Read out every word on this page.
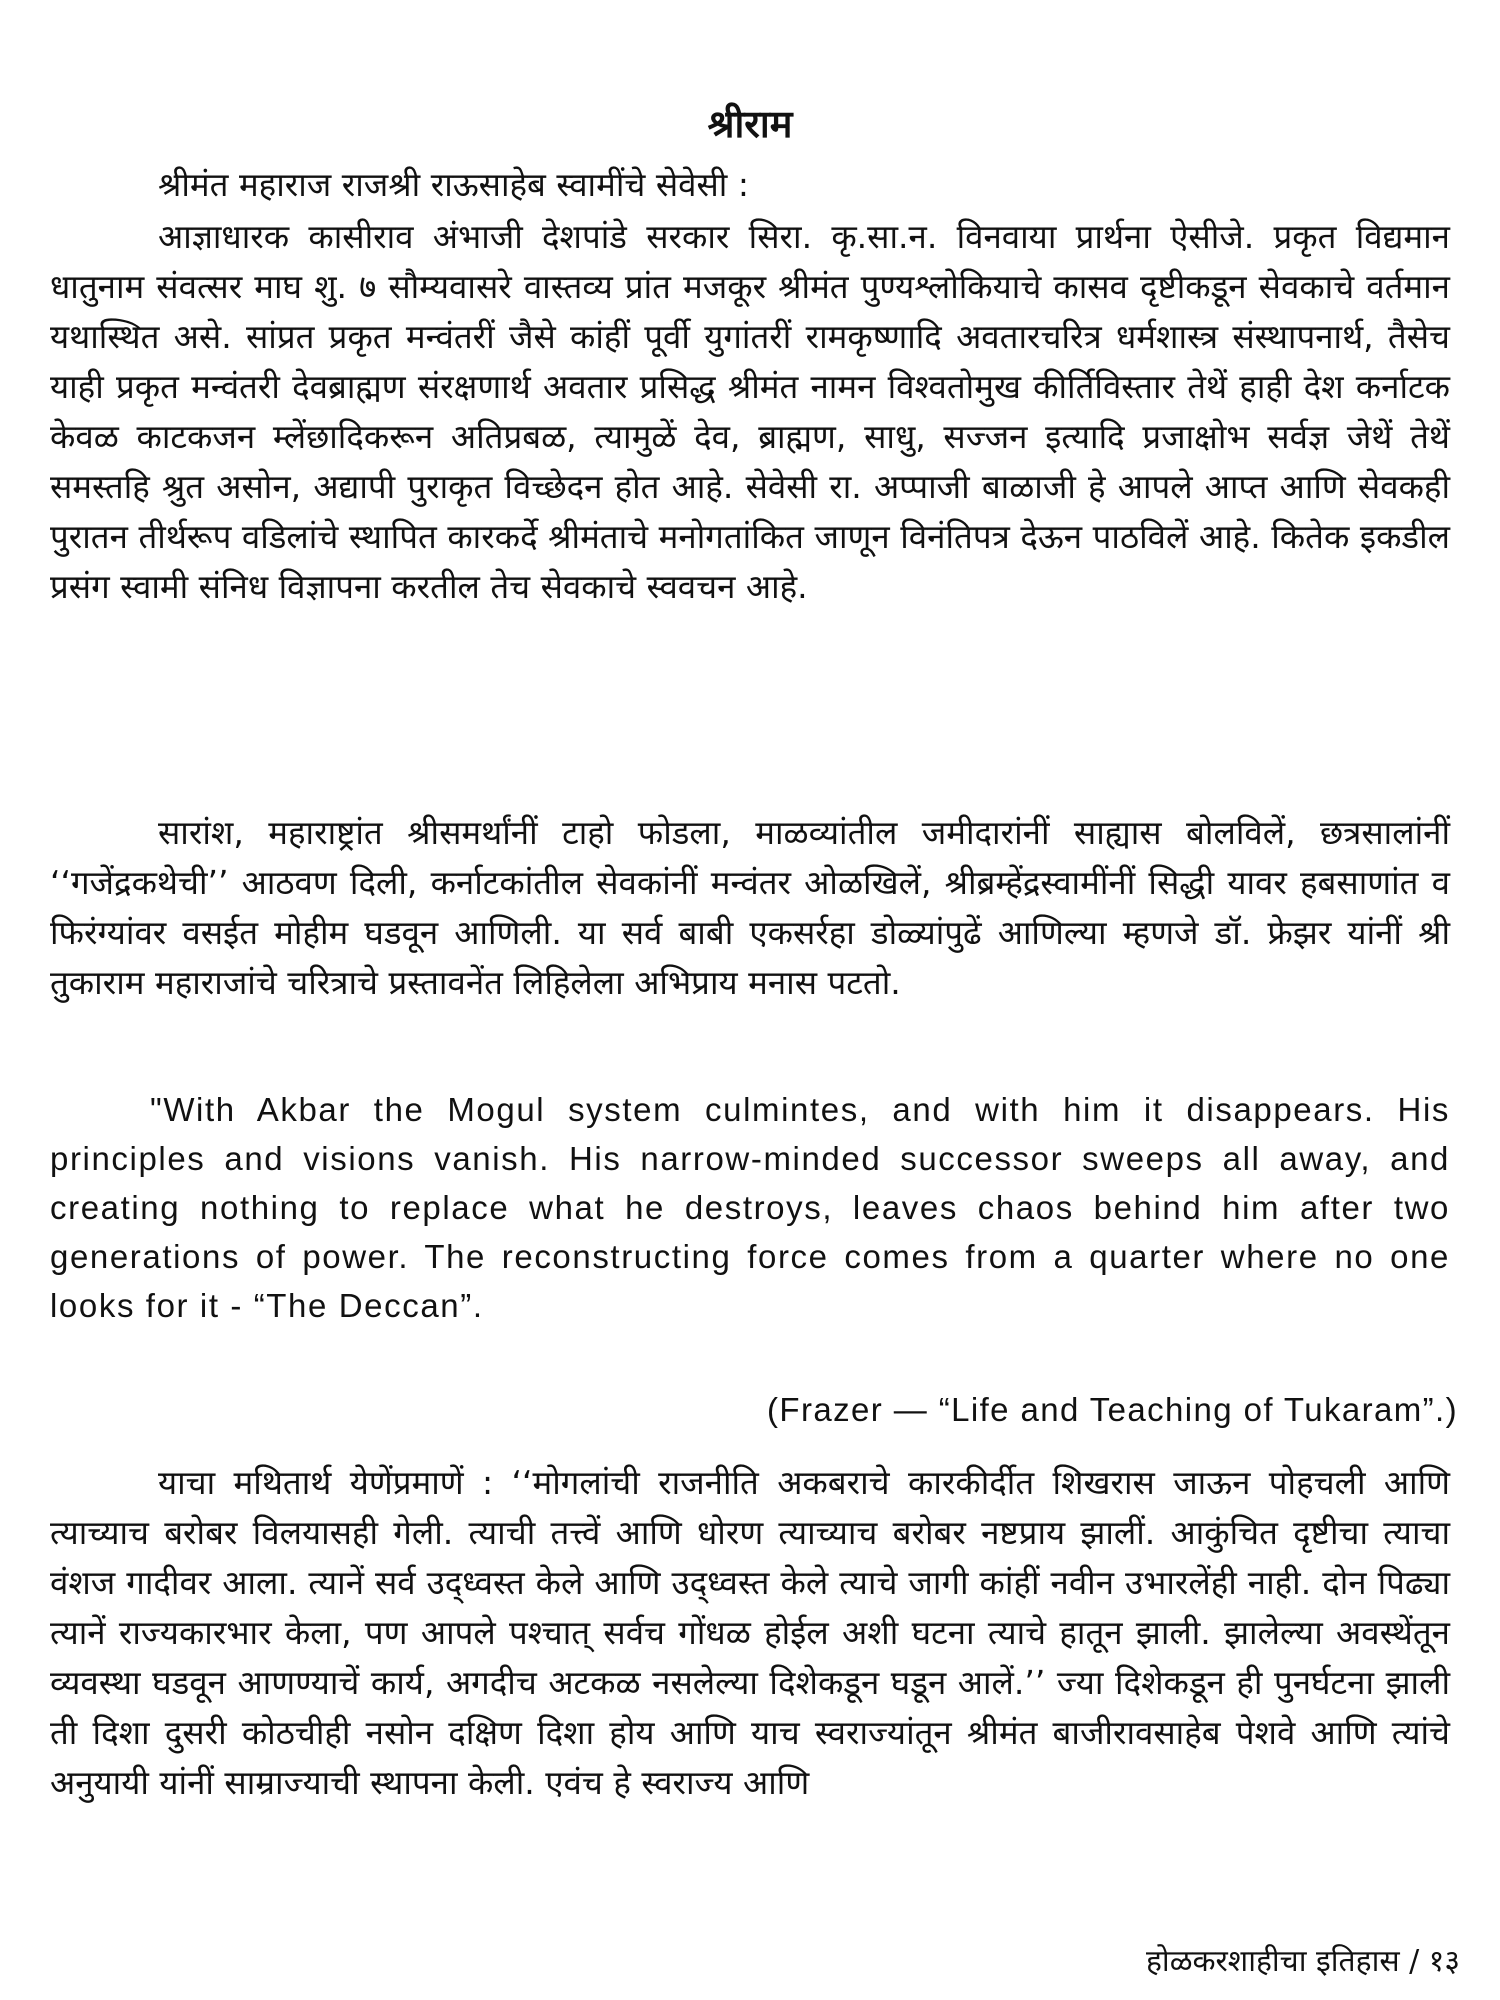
श्रीराम

श्रीमंत महाराज राजश्री राऊसाहेब स्वामींचे सेवेसी :

आज्ञाधारक कासीराव अंभाजी देशपांडे सरकार सिरा. कृ.सा.न. विनवाया प्रार्थना ऐसीजे. प्रकृत विद्यमान धातुनाम संवत्सर माघ शु. ७ सौम्यवासरे वास्तव्य प्रांत मजकूर श्रीमंत पुण्यश्लोकियाचे कासव दृष्टीकडून सेवकाचे वर्तमान यथास्थित असे. सांप्रत प्रकृत मन्वंतरीं जैसे कांहीं पूर्वी युगांतरीं रामकृष्णादि अवतारचरित्र धर्मशास्त्र संस्थापनार्थ, तैसेच याही प्रकृत मन्वंतरी देवब्राह्मण संरक्षणार्थ अवतार प्रसिद्ध श्रीमंत नामन विश्वतोमुख कीर्तिविस्तार तेथें हाही देश कर्नाटक केवळ काटकजन म्लेंछादिकरून अतिप्रबळ, त्यामुळें देव, ब्राह्मण, साधु, सज्जन इत्यादि प्रजाक्षोभ सर्वज्ञ जेथें तेथें समस्तहि श्रुत असोन, अद्यापी पुराकृत विच्छेदन होत आहे. सेवेसी रा. अप्पाजी बाळाजी हे आपले आप्त आणि सेवकही पुरातन तीर्थरूप वडिलांचे स्थापित कारकर्दे श्रीमंताचे मनोगतांकित जाणून विनंतिपत्र देऊन पाठविलें आहे. कितेक इकडील प्रसंग स्वामी संनिध विज्ञापना करतील तेच सेवकाचे स्ववचन आहे.

सारांश, महाराष्ट्रांत श्रीसमर्थांनीं टाहो फोडला, माळव्यांतील जमीदारांनीं साह्यास बोलविलें, छत्रसालांनीं ‘‘गजेंद्रकथेची’’ आठवण दिली, कर्नाटकांतील सेवकांनीं मन्वंतर ओळखिलें, श्रीब्रम्हेंद्रस्वामींनीं सिद्धी यावर हबसाणांत व फिरंग्यांवर वसईत मोहीम घडवून आणिली. या सर्व बाबी एकसर्रहा डोळ्यांपुढें आणिल्या म्हणजे डॉ. फ्रेझर यांनीं श्री तुकाराम महाराजांचे चरित्राचे प्रस्तावनेंत लिहिलेला अभिप्राय मनास पटतो.

"With Akbar the Mogul system culmintes, and with him it disappears. His principles and visions vanish. His narrow-minded successor sweeps all away, and creating nothing to replace what he destroys, leaves chaos behind him after two generations of power. The reconstructing force comes from a quarter where no one looks for it - “The Deccan”.

(Frazer — “Life and Teaching of Tukaram”.)

याचा मथितार्थ येणेंप्रमाणें : ‘‘मोगलांची राजनीति अकबराचे कारकीर्दीत शिखरास जाऊन पोहचली आणि त्याच्याच बरोबर विलयासही गेली. त्याची तत्त्वें आणि धोरण त्याच्याच बरोबर नष्टप्राय झालीं. आकुंचित दृष्टीचा त्याचा वंशज गादीवर आला. त्यानें सर्व उद्ध्वस्त केले आणि उद्ध्वस्त केले त्याचे जागी कांहीं नवीन उभारलेंही नाही. दोन पिढ्या त्यानें राज्यकारभार केला, पण आपले पश्चात् सर्वच गोंधळ होईल अशी घटना त्याचे हातून झाली. झालेल्या अवस्थेंतून व्यवस्था घडवून आणण्याचें कार्य, अगदीच अटकळ नसलेल्या दिशेकडून घडून आलें.’’ ज्या दिशेकडून ही पुनर्घटना झाली ती दिशा दुसरी कोठचीही नसोन दक्षिण दिशा होय आणि याच स्वराज्यांतून श्रीमंत बाजीरावसाहेब पेशवे आणि त्यांचे अनुयायी यांनीं साम्राज्याची स्थापना केली. एवंच हे स्वराज्य आणि

होळकरशाहीचा इतिहास / १३
